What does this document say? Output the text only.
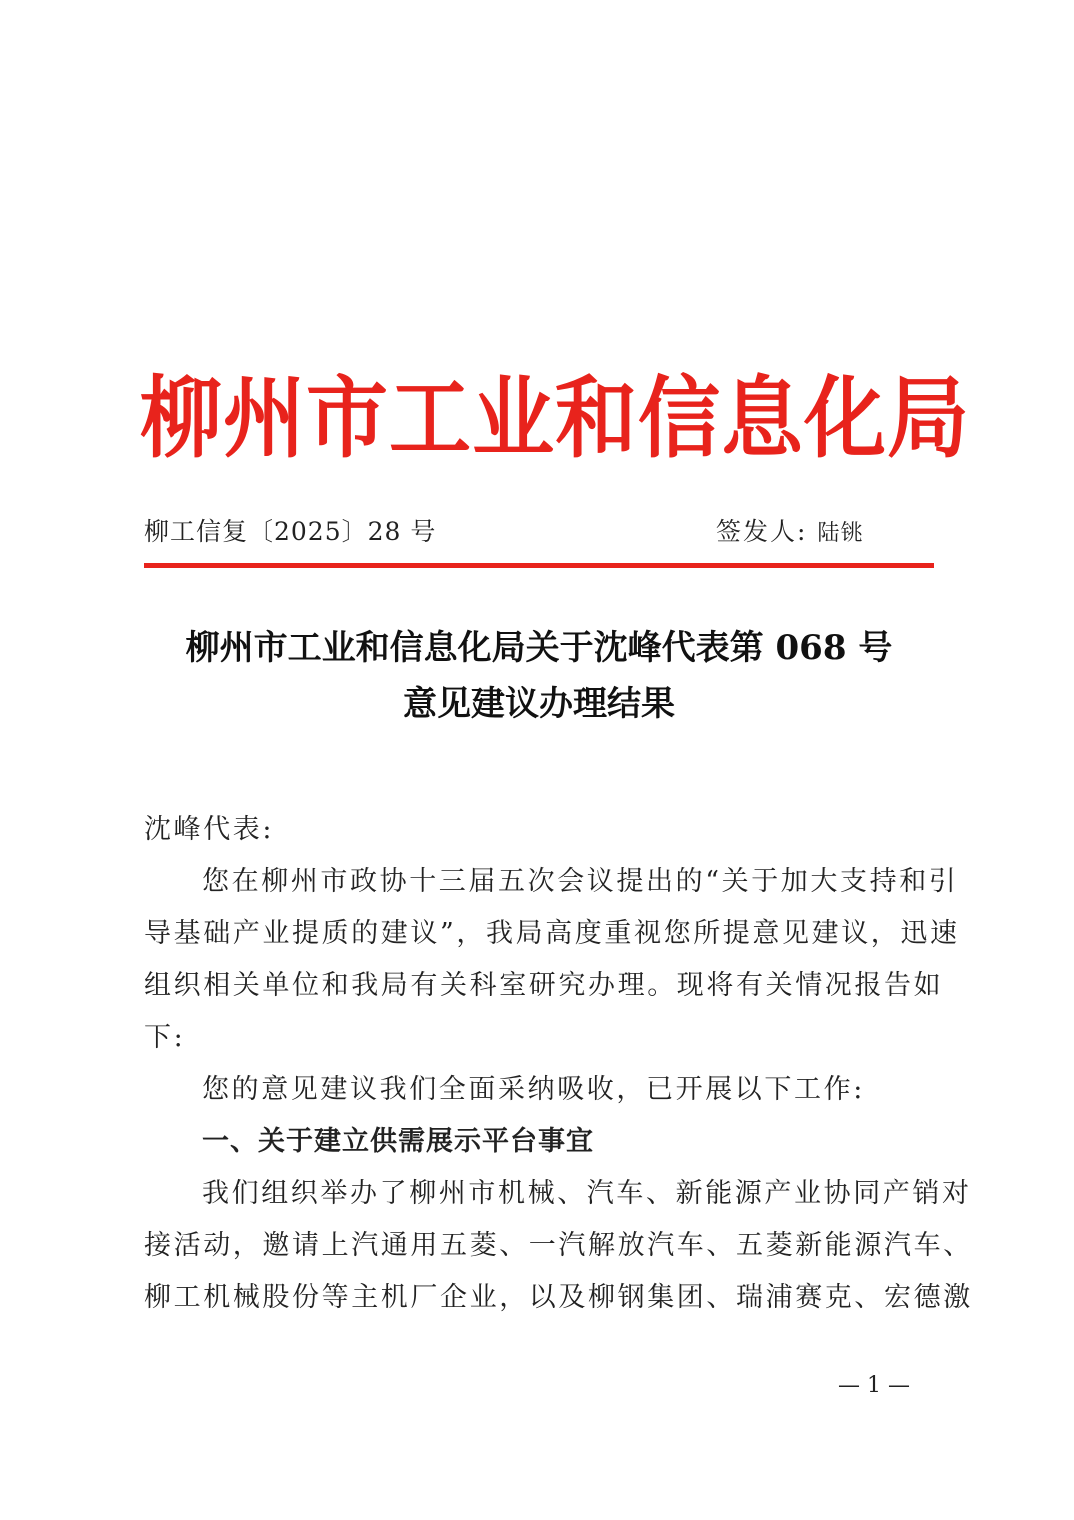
柳州市工业和信息化局
柳工信复〔2025〕28 号	签发人: 陆铫
柳州市工业和信息化局关于沈峰代表第 068 号
意见建议办理结果
沈峰代表:
您在柳州市政协十三届五次会议提出的“关于加大支持和引
导基础产业提质的建议”，我局高度重视您所提意见建议，迅速
组织相关单位和我局有关科室研究办理。现将有关情况报告如
下:
您的意见建议我们全面采纳吸收，已开展以下工作:
一、关于建立供需展示平台事宜
我们组织举办了柳州市机械、汽车、新能源产业协同产销对
接活动，邀请上汽通用五菱、一汽解放汽车、五菱新能源汽车、
柳工机械股份等主机厂企业，以及柳钢集团、瑞浦赛克、宏德激
— 1 —
